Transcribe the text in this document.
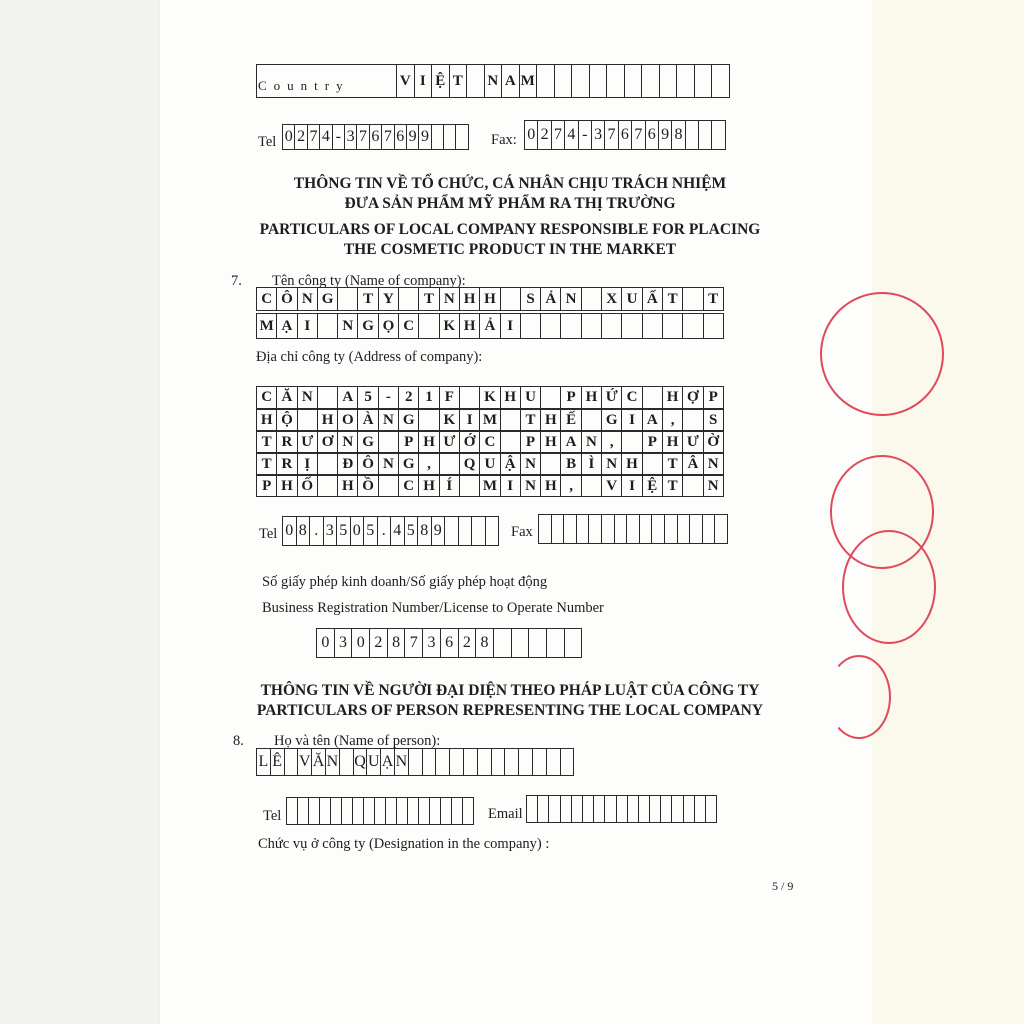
V I Ệ T N A M
Country
Tel 0 2 7 4 - 3 7 6 7 6 9 9	Fax: 0 2 7 4 - 3 7 6 7 6 9 8
THÔNG TIN VỀ TỔ CHỨC, CÁ NHÂN CHỊU TRÁCH NHIỆM
ĐƯA SẢN PHẨM MỸ PHẨM RA THỊ TRƯỜNG
PARTICULARS OF LOCAL COMPANY RESPONSIBLE FOR PLACING
THE COSMETIC PRODUCT IN THE MARKET
7. Tên công ty (Name of company):
C Ô N G	T Y	T N H H	S Ả N	X U Ấ T	T
M Ạ I	N G Ọ C	K H Ả I
Địa chỉ công ty (Address of company):
C Ă N	A 5 - 2 1 F	K H U	P H Ứ C	H Ợ P
H Ộ	H O À N G	K I M	T H Ế	G I A ,	S
T R Ư Ơ N G	P H Ư Ớ C	P H A N ,	P H Ư Ờ
T R Ị	Đ Ô N G ,	Q U Ậ N	B Ì N H	T Â N
P H Ố	H Ồ	C H Í	M I N H ,	V I Ệ T	N
Tel 0 8 . 3 5 0 5 . 4 5 8 9	Fax
Số giấy phép kinh doanh/Số giấy phép hoạt động
Business Registration Number/License to Operate Number
0 3 0 2 8 7 3 6 2 8
THÔNG TIN VỀ NGƯỜI ĐẠI DIỆN THEO PHÁP LUẬT CỦA CÔNG TY
PARTICULARS OF PERSON REPRESENTING THE LOCAL COMPANY
8. Họ và tên (Name of person):
L Ê V Ă N Q U Ạ N
Tel	Email
Chức vụ ở công ty (Designation in the company) :
5 / 9
